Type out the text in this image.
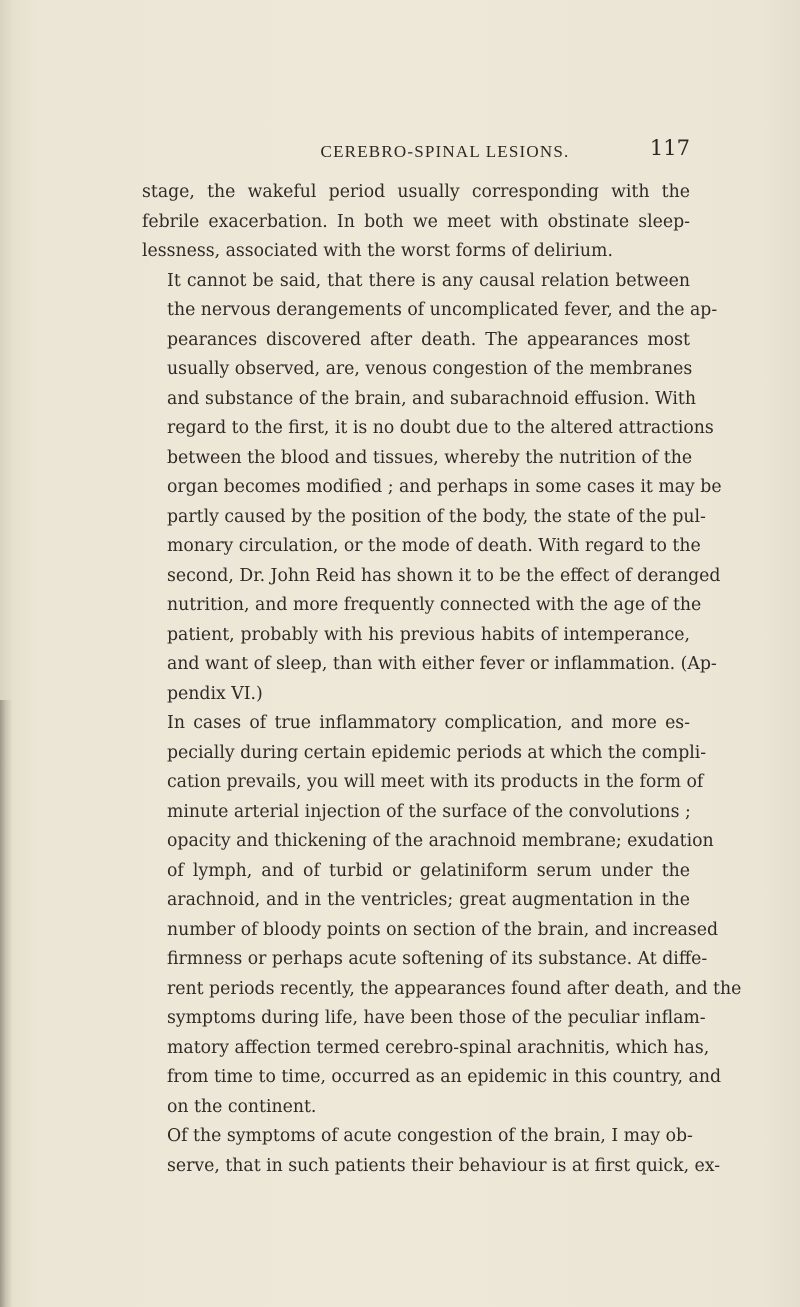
CEREBRO-SPINAL LESIONS.	117
stage, the wakeful period usually corresponding with the
febrile exacerbation. In both we meet with obstinate sleep-
lessness, associated with the worst forms of delirium.
It cannot be said, that there is any causal relation between
the nervous derangements of uncomplicated fever, and the ap-
pearances discovered after death. The appearances most
usually observed, are, venous congestion of the membranes
and substance of the brain, and subarachnoid effusion. With
regard to the first, it is no doubt due to the altered attractions
between the blood and tissues, whereby the nutrition of the
organ becomes modified ; and perhaps in some cases it may be
partly caused by the position of the body, the state of the pul-
monary circulation, or the mode of death. With regard to the
second, Dr. John Reid has shown it to be the effect of deranged
nutrition, and more frequently connected with the age of the
patient, probably with his previous habits of intemperance,
and want of sleep, than with either fever or inflammation. (Ap-
pendix VI.)
In cases of true inflammatory complication, and more es-
pecially during certain epidemic periods at which the compli-
cation prevails, you will meet with its products in the form of
minute arterial injection of the surface of the convolutions ;
opacity and thickening of the arachnoid membrane; exudation
of lymph, and of turbid or gelatiniform serum under the
arachnoid, and in the ventricles; great augmentation in the
number of bloody points on section of the brain, and increased
firmness or perhaps acute softening of its substance. At diffe-
rent periods recently, the appearances found after death, and the
symptoms during life, have been those of the peculiar inflam-
matory affection termed cerebro-spinal arachnitis, which has,
from time to time, occurred as an epidemic in this country, and
on the continent.
Of the symptoms of acute congestion of the brain, I may ob-
serve, that in such patients their behaviour is at first quick, ex-
